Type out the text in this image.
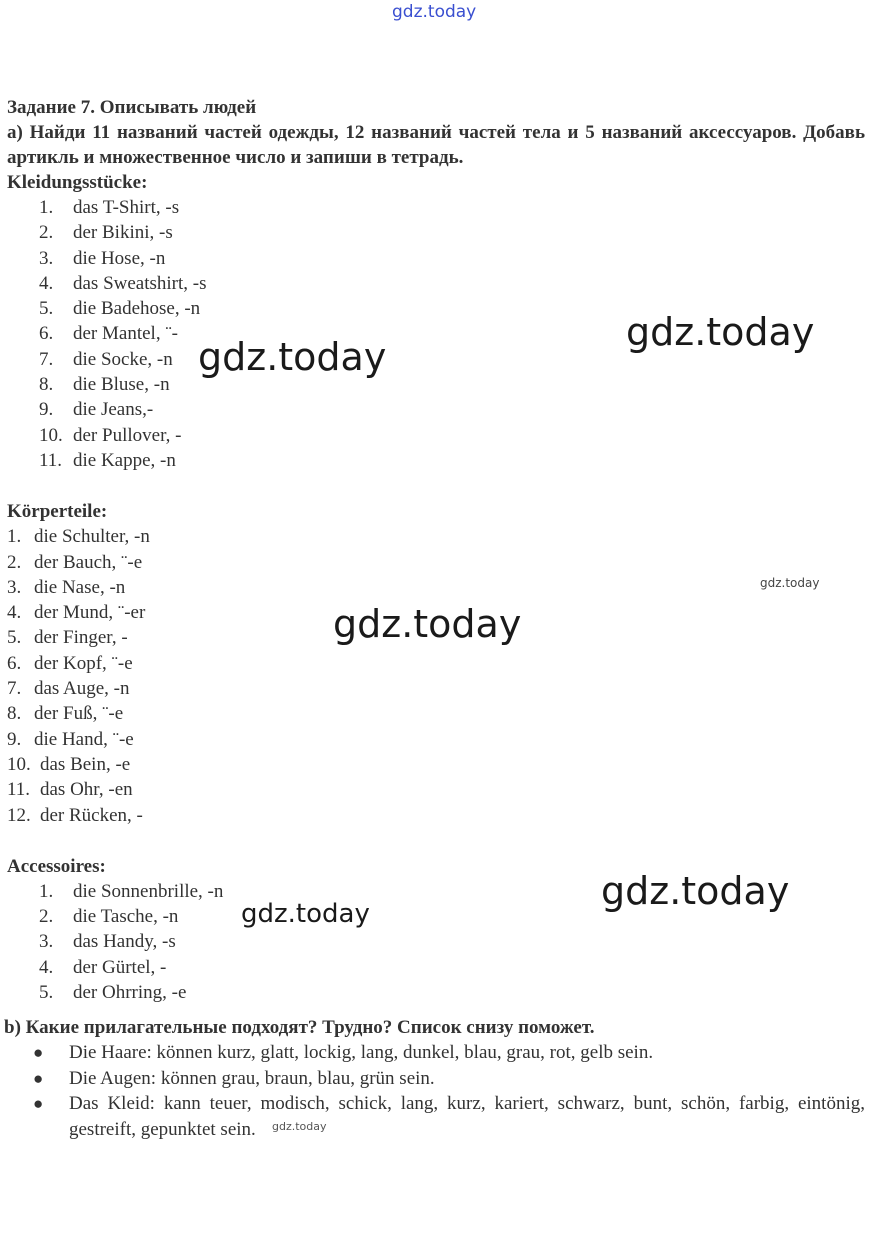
gdz.today
gdz.today
gdz.today
gdz.today
gdz.today
gdz.today
gdz.today
gdz.today

Задание 7. Описывать людей

a) Найди 11 названий частей одежды, 12 названий частей тела и 5 названий аксессуаров. Добавь артикль и множественное число и запиши в тетрадь.

Kleidungsstücke:

1.	das T-Shirt, -s
2.	der Bikini, -s
3.	die Hose, -n
4.	das Sweatshirt, -s
5.	die Badehose, -n
6.	der Mantel, ¨-
7.	die Socke, -n
8.	die Bluse, -n
9.	die Jeans,-
10. der Pullover, -
11. die Kappe, -n

Körperteile:

1. die Schulter, -n
2. der Bauch, ¨-e
3. die Nase, -n
4. der Mund, ¨-er
5. der Finger, -
6. der Kopf, ¨-e
7. das Auge, -n
8. der Fuß, ¨-e
9. die Hand, ¨-e
10. das Bein, -e
11. das Ohr, -en
12. der Rücken, -

Accessoires:

1.	die Sonnenbrille, -n
2.	die Tasche, -n
3.	das Handy, -s
4.	der Gürtel, -
5.	der Ohrring, -e

b) Какие прилагательные подходят? Трудно? Список снизу поможет.

● Die Haare: können kurz, glatt, lockig, lang, dunkel, blau, grau, rot, gelb sein.
● Die Augen: können grau, braun, blau, grün sein.
● Das Kleid: kann teuer, modisch, schick, lang, kurz, kariert, schwarz, bunt, schön, farbig, eintönig, gestreift, gepunktet sein.
